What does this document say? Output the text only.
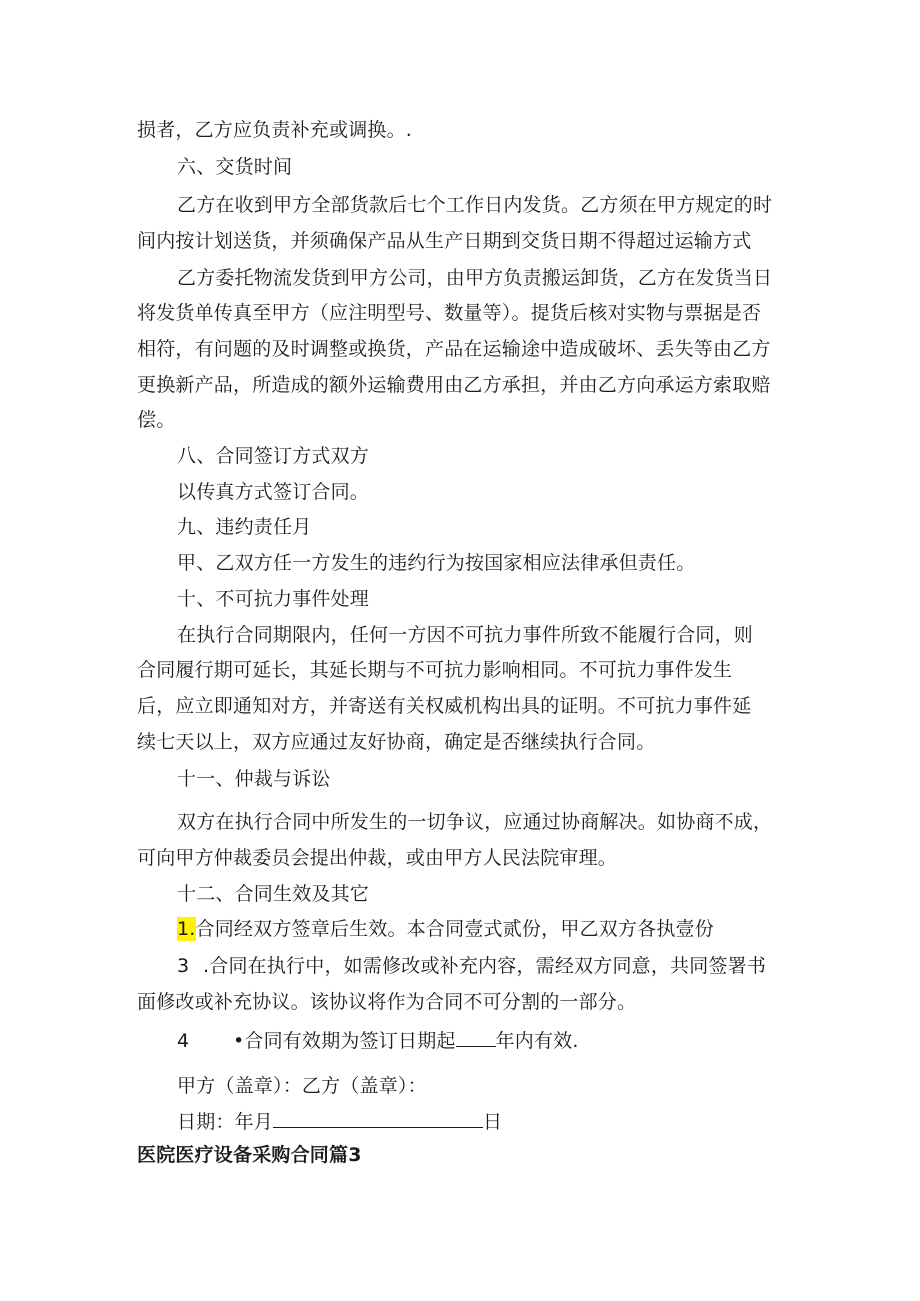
损者，乙方应负责补充或调换。.
六、交货时间
乙方在收到甲方全部货款后七个工作日内发货。乙方须在甲方规定的时
间内按计划送货，并须确保产品从生产日期到交货日期不得超过运输方式
乙方委托物流发货到甲方公司，由甲方负责搬运卸货，乙方在发货当日
将发货单传真至甲方（应注明型号、数量等）。提货后核对实物与票据是否
相符，有问题的及时调整或换货，产品在运输途中造成破坏、丢失等由乙方
更换新产品，所造成的额外运输费用由乙方承担，并由乙方向承运方索取赔
偿。
八、合同签订方式双方
以传真方式签订合同。
九、违约责任月
甲、乙双方任一方发生的违约行为按国家相应法律承但责任。
十、不可抗力事件处理
在执行合同期限内，任何一方因不可抗力事件所致不能履行合同，则
合同履行期可延长，其延长期与不可抗力影响相同。不可抗力事件发生
后，应立即通知对方，并寄送有关权威机构出具的证明。不可抗力事件延
续七天以上，双方应通过友好协商，确定是否继续执行合同。
十一、仲裁与诉讼
双方在执行合同中所发生的一切争议，应通过协商解决。如协商不成，
可向甲方仲裁委员会提出仲裁，或由甲方人民法院审理。
十二、合同生效及其它
1.合同经双方签章后生效。本合同壹式贰份，甲乙双方各执壹份
3 .合同在执行中，如需修改或补充内容，需经双方同意，共同签署书
面修改或补充协议。该协议将作为合同不可分割的一部分。
4 •合同有效期为签订日期起 年内有效.
甲方（盖章）：乙方（盖章）：
日期：年月	日
医院医疗设备采购合同篇3
